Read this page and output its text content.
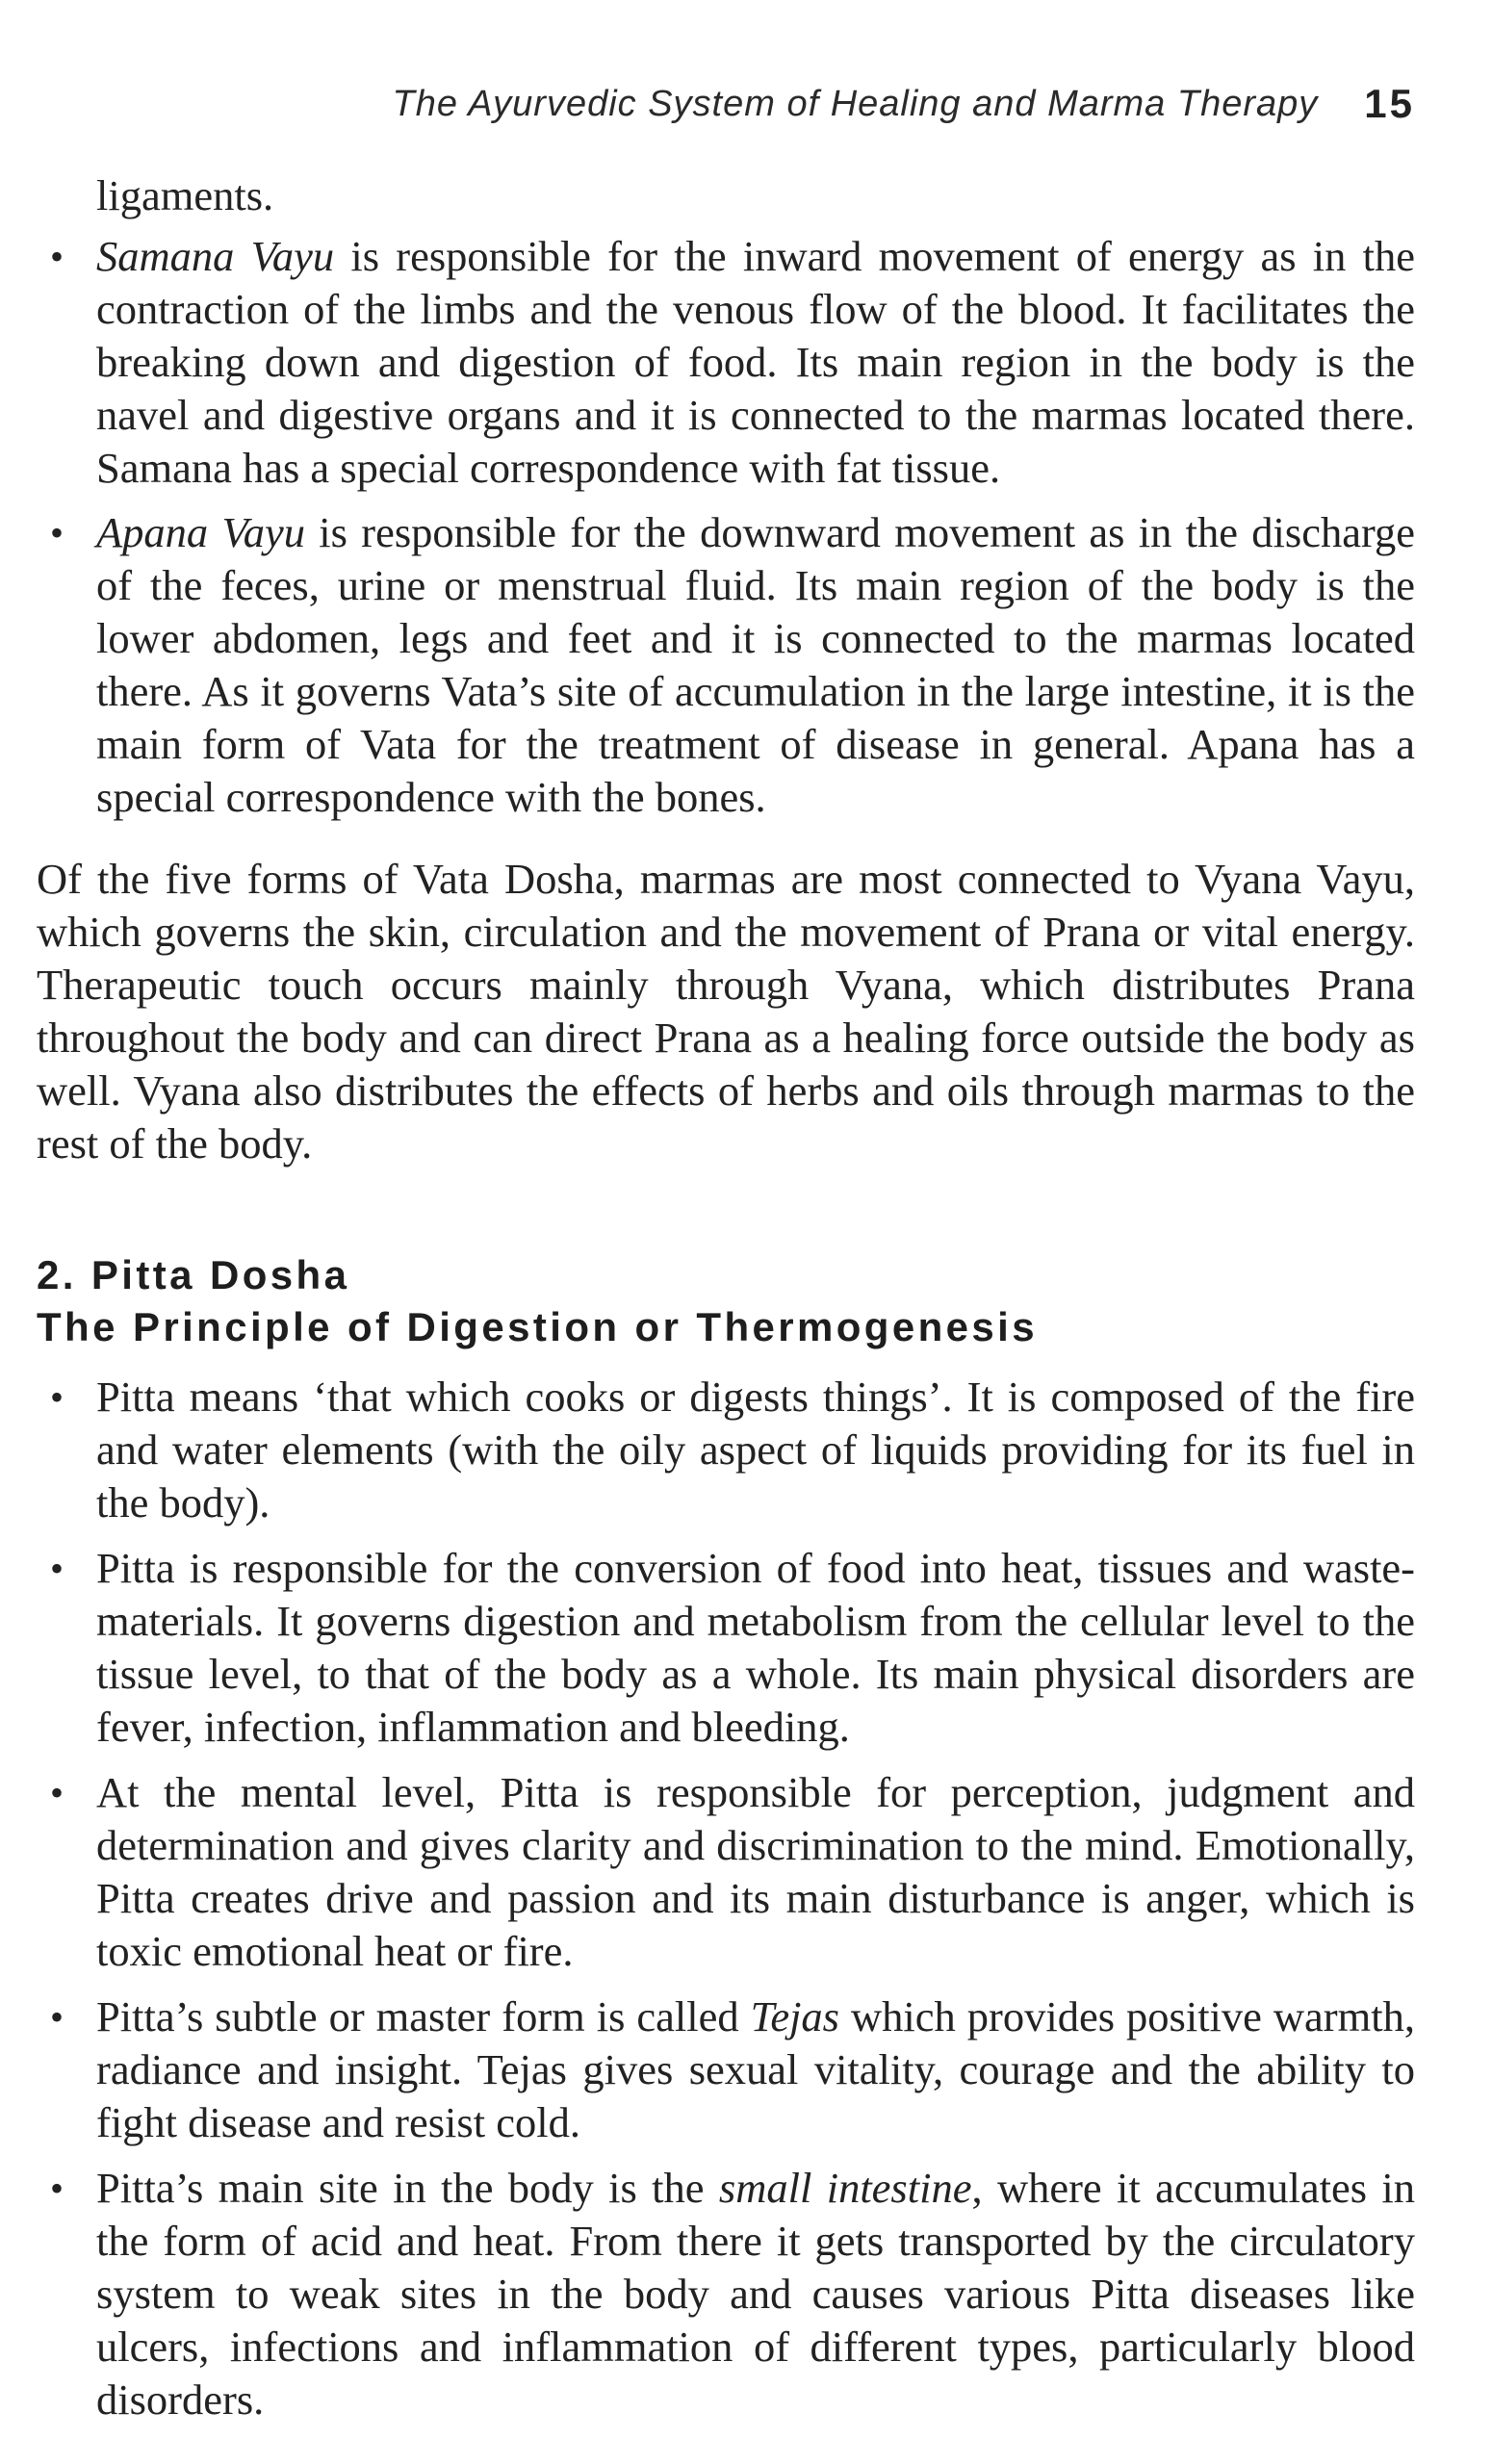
The Ayurvedic System of Healing and Marma Therapy 15
ligaments.
• Samana Vayu is responsible for the inward movement of energy as in the contraction of the limbs and the venous flow of the blood. It facilitates the breaking down and digestion of food. Its main region in the body is the navel and digestive organs and it is connected to the marmas located there. Samana has a special correspondence with fat tissue.
• Apana Vayu is responsible for the downward movement as in the discharge of the feces, urine or menstrual fluid. Its main region of the body is the lower abdomen, legs and feet and it is connected to the marmas located there. As it governs Vata’s site of accumulation in the large intestine, it is the main form of Vata for the treatment of disease in general. Apana has a special correspondence with the bones.

Of the five forms of Vata Dosha, marmas are most connected to Vyana Vayu, which governs the skin, circulation and the movement of Prana or vital energy. Therapeutic touch occurs mainly through Vyana, which distributes Prana throughout the body and can direct Prana as a healing force outside the body as well. Vyana also distributes the effects of herbs and oils through marmas to the rest of the body.

2. Pitta Dosha
The Principle of Digestion or Thermogenesis
• Pitta means ‘that which cooks or digests things’. It is composed of the fire and water elements (with the oily aspect of liquids providing for its fuel in the body).
• Pitta is responsible for the conversion of food into heat, tissues and waste-materials. It governs digestion and metabolism from the cellular level to the tissue level, to that of the body as a whole. Its main physical disorders are fever, infection, inflammation and bleeding.
• At the mental level, Pitta is responsible for perception, judgment and determination and gives clarity and discrimination to the mind. Emotionally, Pitta creates drive and passion and its main disturbance is anger, which is toxic emotional heat or fire.
• Pitta’s subtle or master form is called Tejas which provides positive warmth, radiance and insight. Tejas gives sexual vitality, courage and the ability to fight disease and resist cold.
• Pitta’s main site in the body is the small intestine, where it accumulates in the form of acid and heat. From there it gets transported by the circulatory system to weak sites in the body and causes various Pitta diseases like ulcers, infections and inflammation of different types, particularly blood disorders.
